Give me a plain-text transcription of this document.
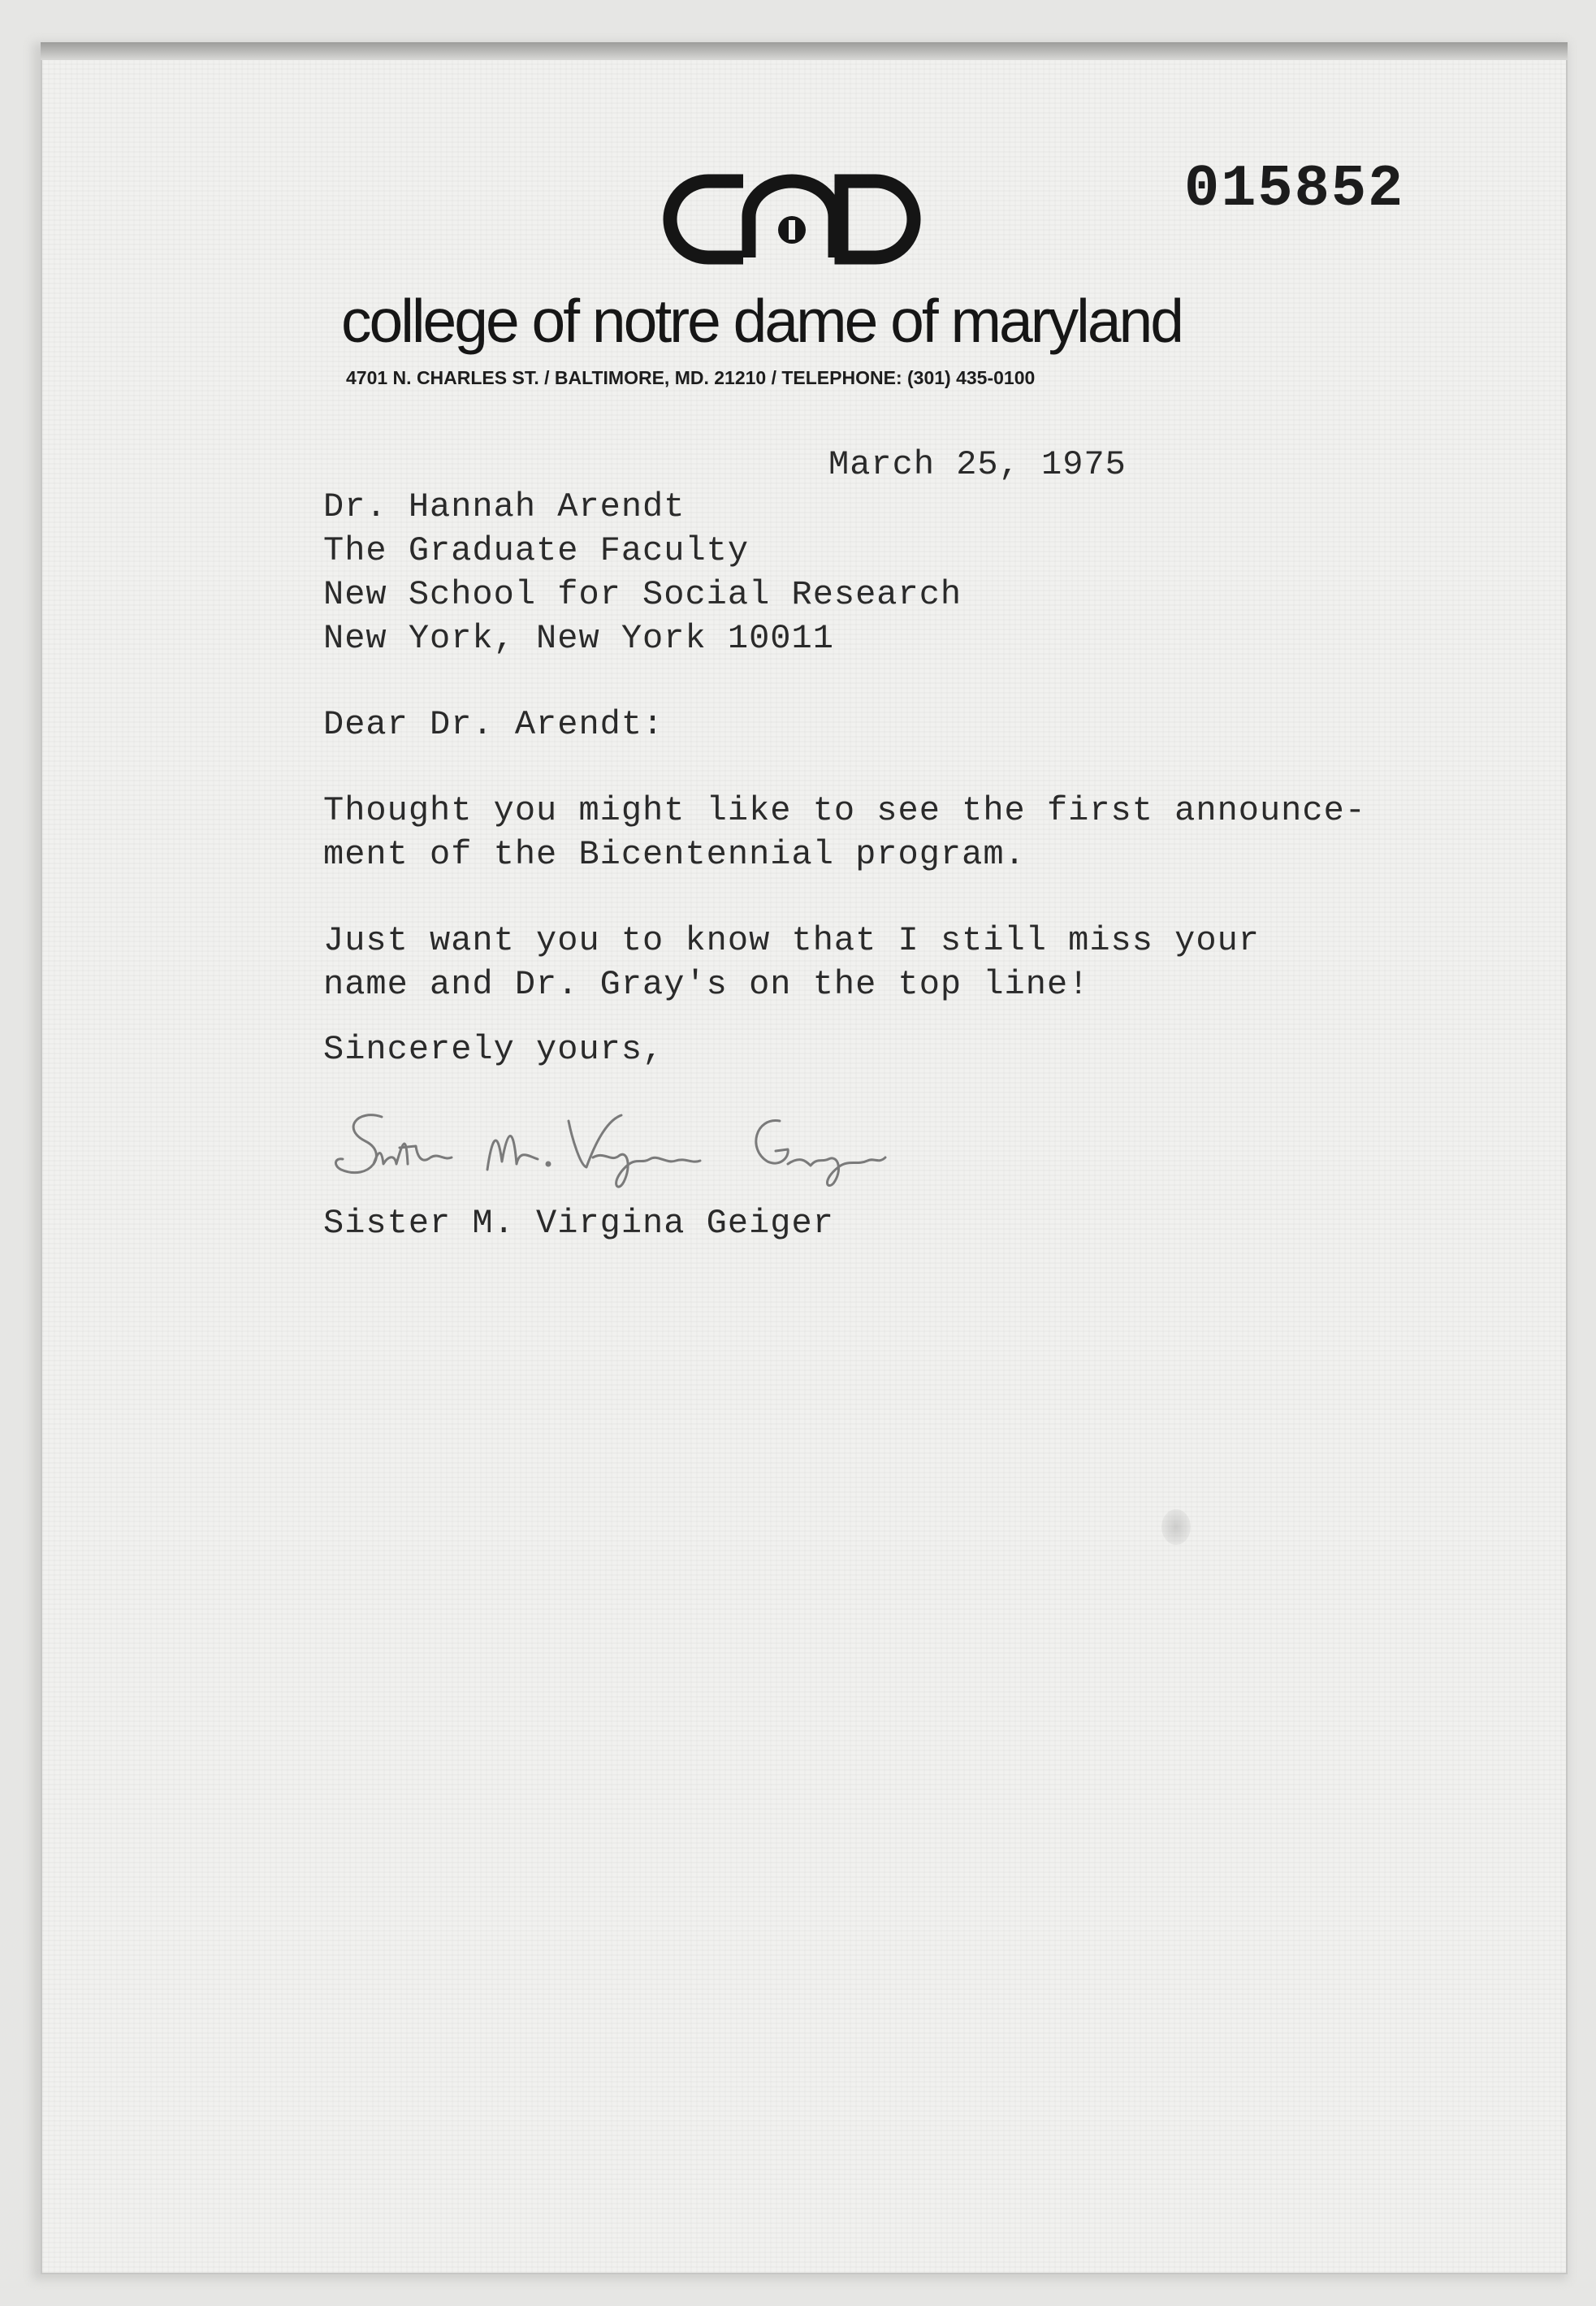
015852
college of notre dame of maryland
4701 N. CHARLES ST. / BALTIMORE, MD. 21210 / TELEPHONE: (301) 435-0100
March 25, 1975
Dr. Hannah Arendt
The Graduate Faculty
New School for Social Research
New York, New York 10011
Dear Dr. Arendt:
Thought you might like to see the first announce-
ment of the Bicentennial program.
Just want you to know that I still miss your
name and Dr. Gray's on the top line!
Sincerely yours,
Sister M. Virgina Geiger
